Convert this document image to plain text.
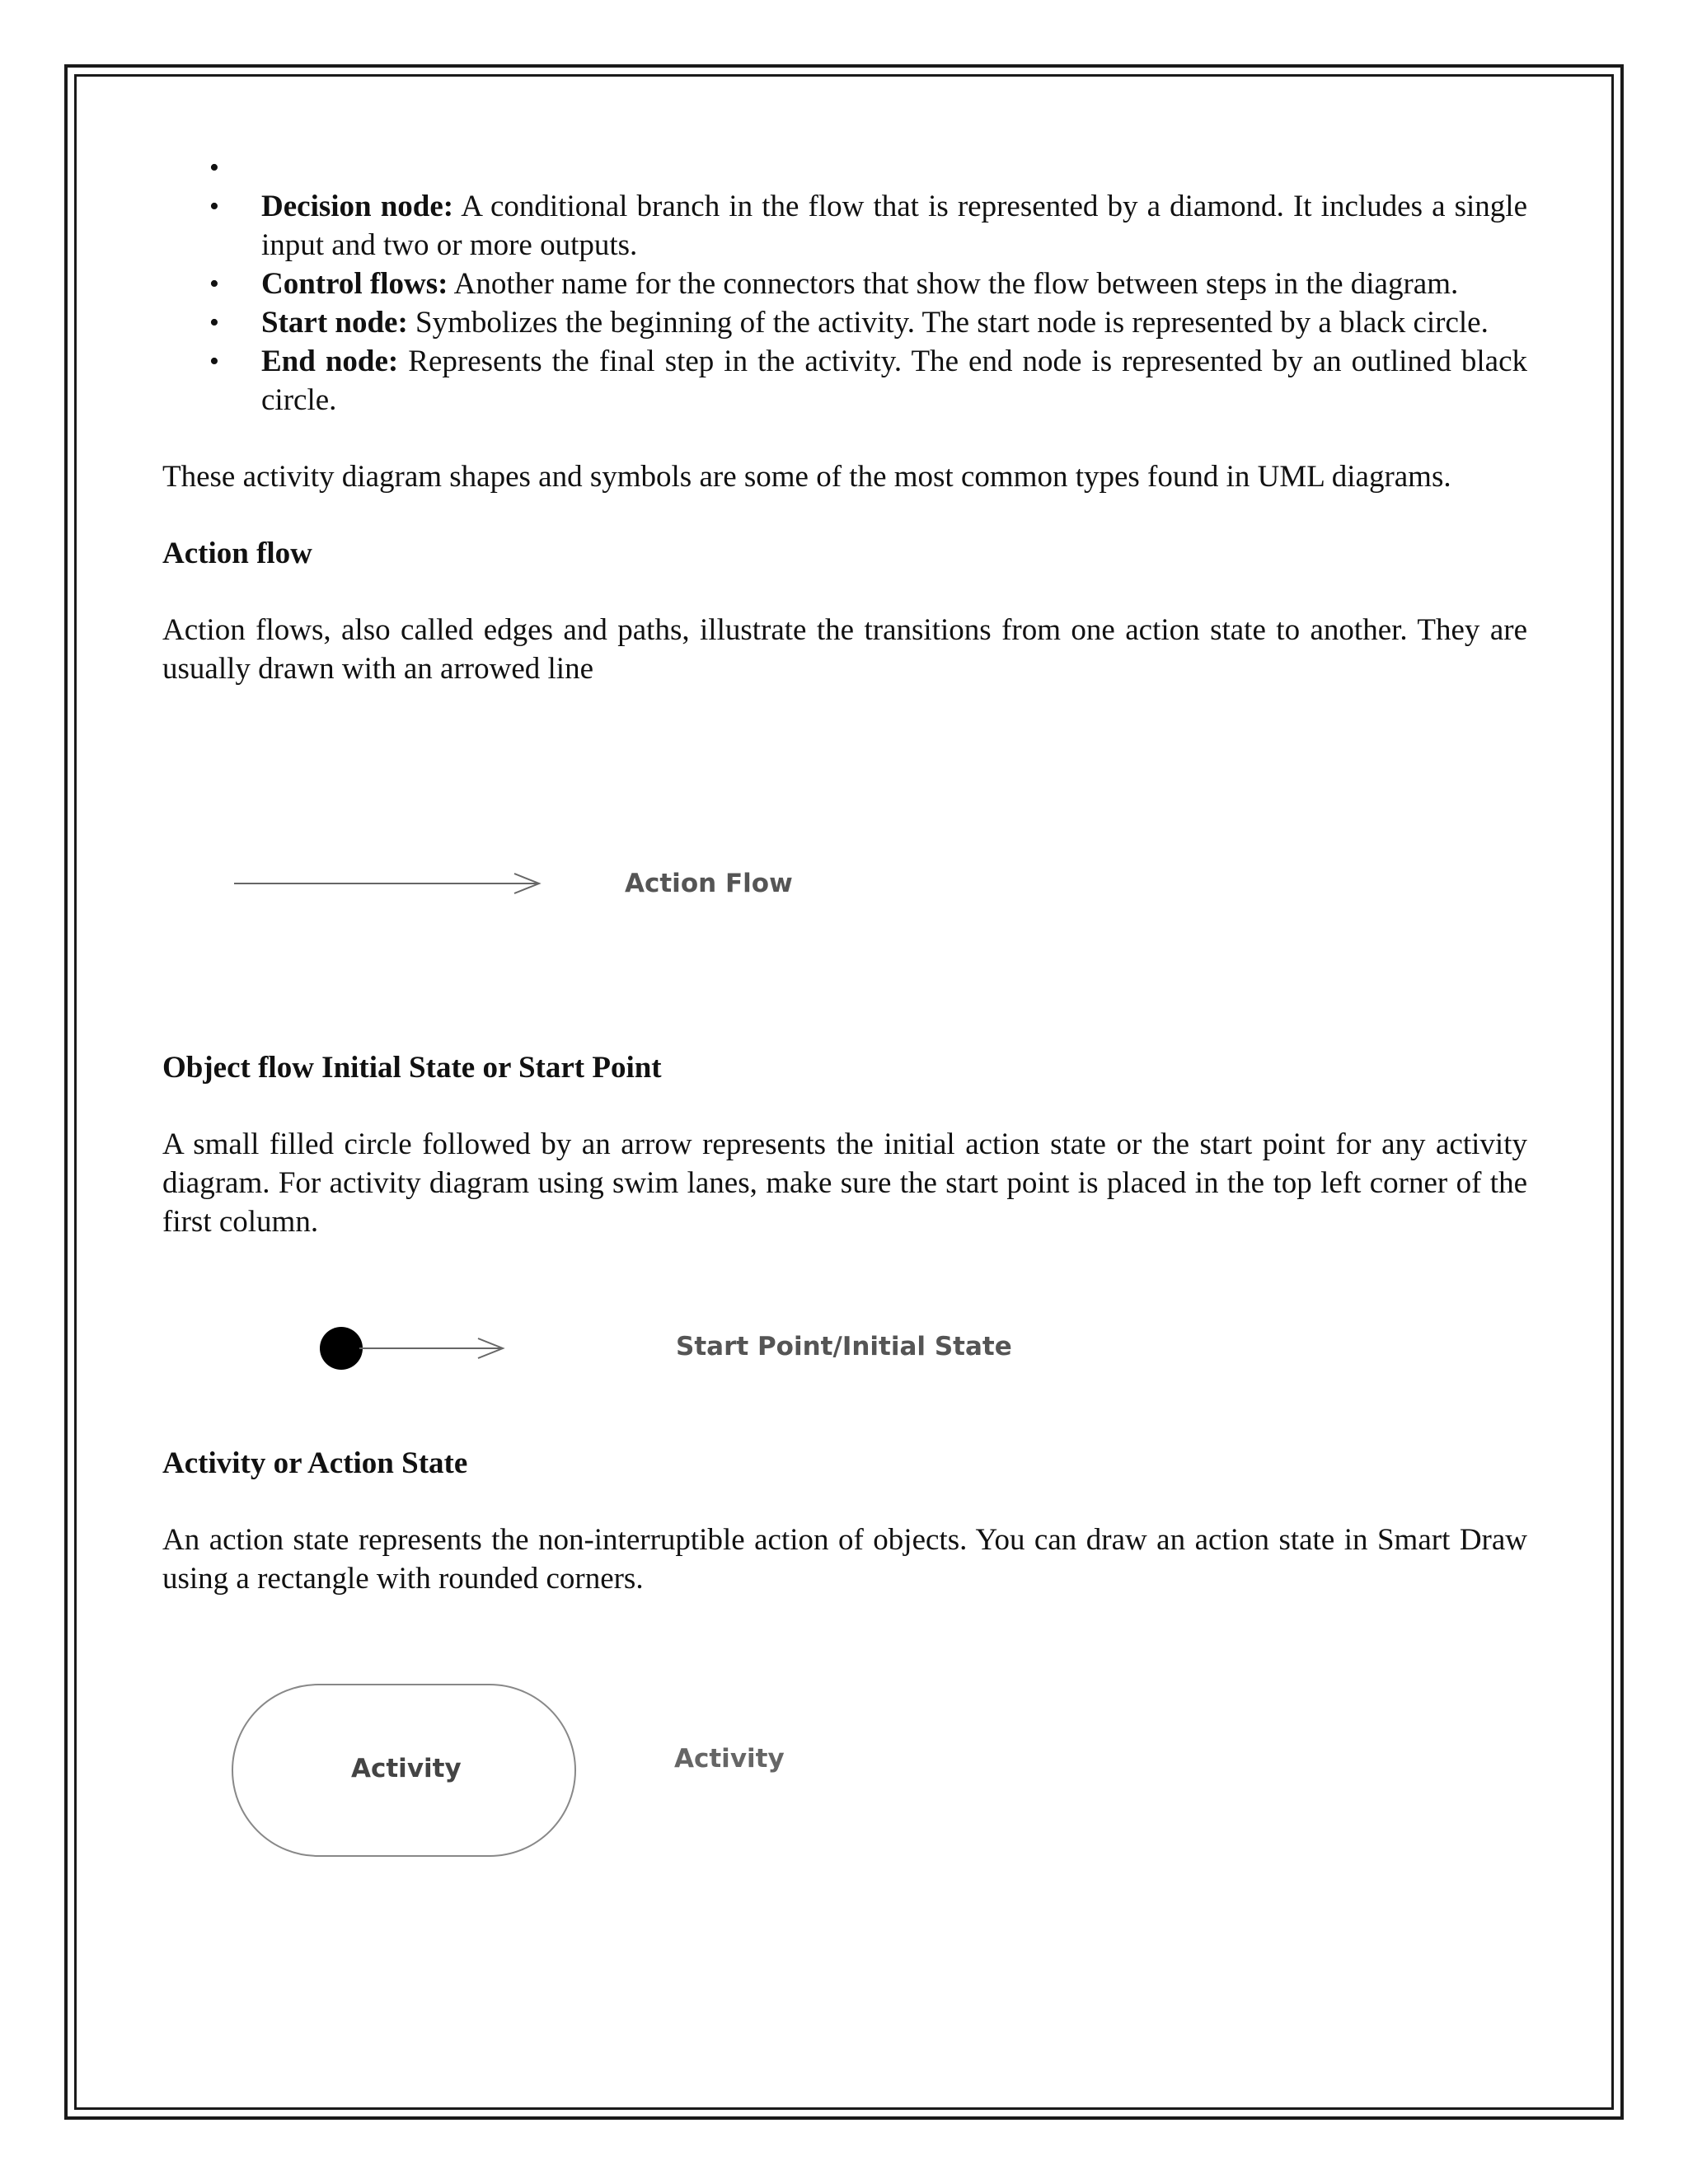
•
• Decision node: A conditional branch in the flow that is represented by a diamond. It includes a single input and two or more outputs.
• Control flows: Another name for the connectors that show the flow between steps in the diagram.
• Start node: Symbolizes the beginning of the activity. The start node is represented by a black circle.
• End node: Represents the final step in the activity. The end node is represented by an outlined black circle.

These activity diagram shapes and symbols are some of the most common types found in UML diagrams.

Action flow

Action flows, also called edges and paths, illustrate the transitions from one action state to another. They are usually drawn with an arrowed line

Action Flow

Object flow Initial State or Start Point

A small filled circle followed by an arrow represents the initial action state or the start point for any activity diagram. For activity diagram using swim lanes, make sure the start point is placed in the top left corner of the first column.

Start Point/Initial State

Activity or Action State

An action state represents the non-interruptible action of objects. You can draw an action state in Smart Draw using a rectangle with rounded corners.

Activity	Activity
